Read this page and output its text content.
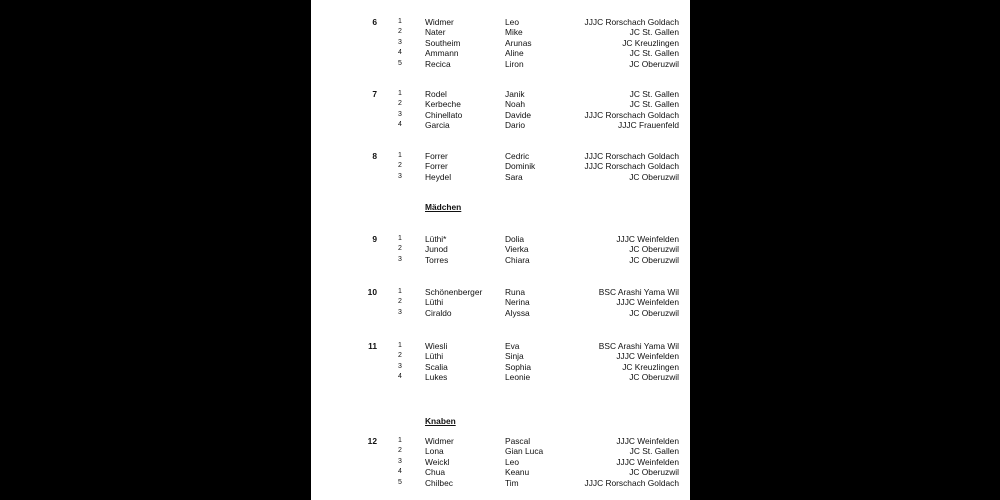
Mädchen
Knaben
6	1	Widmer	Leo	JJJC Rorschach Goldach
2	Nater	Mike	JC St. Gallen
3	Southeim	Arunas	JC Kreuzlingen
4	Ammann	Aline	JC St. Gallen
5	Recica	Liron	JC Oberuzwil
7	1	Rodel	Janik	JC St. Gallen
2	Kerbeche	Noah	JC St. Gallen
3	Chinellato	Davide	JJJC Rorschach Goldach
4	Garcia	Dario	JJJC Frauenfeld
8	1	Forrer	Cedric	JJJC Rorschach Goldach
2	Forrer	Dominik	JJJC Rorschach Goldach
3	Heydel	Sara	JC Oberuzwil
9	1	Lüthi*	Dolia	JJJC Weinfelden
2	Junod	Vierka	JC Oberuzwil
3	Torres	Chiara	JC Oberuzwil
10	1	Schönenberger	Runa	BSC Arashi Yama Wil
2	Lüthi	Nerina	JJJC Weinfelden
3	Ciraldo	Alyssa	JC Oberuzwil
11	1	Wiesli	Eva	BSC Arashi Yama Wil
2	Lüthi	Sinja	JJJC Weinfelden
3	Scalia	Sophia	JC Kreuzlingen
4	Lukes	Leonie	JC Oberuzwil
12	1	Widmer	Pascal	JJJC Weinfelden
2	Lona	Gian Luca	JC St. Gallen
3	Weickl	Leo	JJJC Weinfelden
4	Chua	Keanu	JC Oberuzwil
5	Chilbec	Tim	JJJC Rorschach Goldach
